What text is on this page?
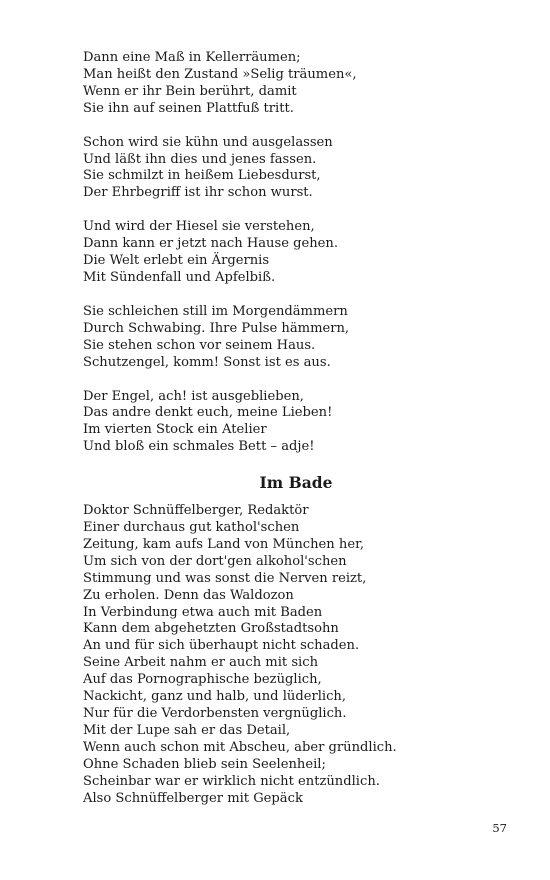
Dann eine Maß in Kellerräumen;
Man heißt den Zustand »Selig träumen«,
Wenn er ihr Bein berührt, damit
Sie ihn auf seinen Plattfuß tritt.
Schon wird sie kühn und ausgelassen
Und läßt ihn dies und jenes fassen.
Sie schmilzt in heißem Liebesdurst,
Der Ehrbegriff ist ihr schon wurst.
Und wird der Hiesel sie verstehen,
Dann kann er jetzt nach Hause gehen.
Die Welt erlebt ein Ärgernis
Mit Sündenfall und Apfelbiß.
Sie schleichen still im Morgendämmern
Durch Schwabing. Ihre Pulse hämmern,
Sie stehen schon vor seinem Haus.
Schutzengel, komm! Sonst ist es aus.
Der Engel, ach! ist ausgeblieben,
Das andre denkt euch, meine Lieben!
Im vierten Stock ein Atelier
Und bloß ein schmales Bett – adje!
Im Bade
Doktor Schnüffelberger, Redaktör
Einer durchaus gut kathol'schen
Zeitung, kam aufs Land von München her,
Um sich von der dort'gen alkohol'schen
Stimmung und was sonst die Nerven reizt,
Zu erholen. Denn das Waldozon
In Verbindung etwa auch mit Baden
Kann dem abgehetzten Großstadtsohn
An und für sich überhaupt nicht schaden.
Seine Arbeit nahm er auch mit sich
Auf das Pornographische bezüglich,
Nackicht, ganz und halb, und lüderlich,
Nur für die Verdorbensten vergnüglich.
Mit der Lupe sah er das Detail,
Wenn auch schon mit Abscheu, aber gründlich.
Ohne Schaden blieb sein Seelenheil;
Scheinbar war er wirklich nicht entzündlich.
Also Schnüffelberger mit Gepäck
57
